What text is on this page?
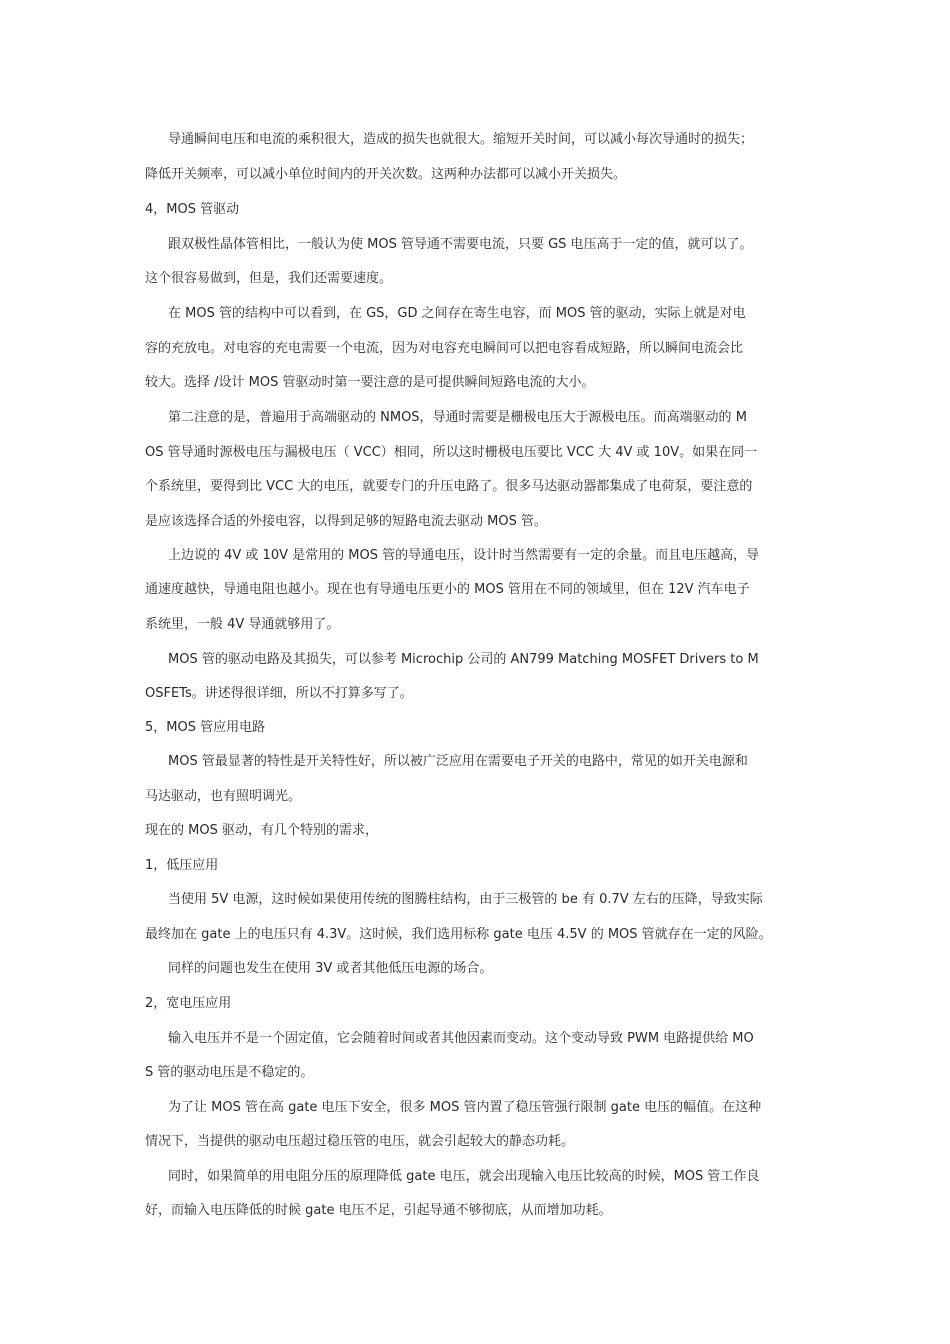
导通瞬间电压和电流的乘积很大，造成的损失也就很大。缩短开关时间，可以减小每次导通时的损失；
降低开关频率，可以减小单位时间内的开关次数。这两种办法都可以减小开关损失。
4，MOS 管驱动
跟双极性晶体管相比，一般认为使 MOS 管导通不需要电流，只要 GS 电压高于一定的值，就可以了。
这个很容易做到，但是，我们还需要速度。
在 MOS 管的结构中可以看到，在 GS，GD 之间存在寄生电容，而 MOS 管的驱动，实际上就是对电
容的充放电。对电容的充电需要一个电流，因为对电容充电瞬间可以把电容看成短路，所以瞬间电流会比
较大。选择 /设计 MOS 管驱动时第一要注意的是可提供瞬间短路电流的大小。
第二注意的是，普遍用于高端驱动的 NMOS，导通时需要是栅极电压大于源极电压。而高端驱动的 M
OS 管导通时源极电压与漏极电压（ VCC）相同，所以这时栅极电压要比 VCC 大 4V 或 10V。如果在同一
个系统里，要得到比 VCC 大的电压，就要专门的升压电路了。很多马达驱动器都集成了电荷泵，要注意的
是应该选择合适的外接电容，以得到足够的短路电流去驱动 MOS 管。
上边说的 4V 或 10V 是常用的 MOS 管的导通电压，设计时当然需要有一定的余量。而且电压越高，导
通速度越快，导通电阻也越小。现在也有导通电压更小的 MOS 管用在不同的领域里，但在 12V 汽车电子
系统里，一般 4V 导通就够用了。
MOS 管的驱动电路及其损失，可以参考 Microchip 公司的 AN799 Matching MOSFET Drivers to M
OSFETs。讲述得很详细，所以不打算多写了。
5，MOS 管应用电路
MOS 管最显著的特性是开关特性好，所以被广泛应用在需要电子开关的电路中，常见的如开关电源和
马达驱动，也有照明调光。
现在的 MOS 驱动，有几个特别的需求，
1，低压应用
当使用 5V 电源，这时候如果使用传统的图腾柱结构，由于三极管的 be 有 0.7V 左右的压降，导致实际
最终加在 gate 上的电压只有 4.3V。这时候，我们选用标称 gate 电压 4.5V 的 MOS 管就存在一定的风险。
同样的问题也发生在使用 3V 或者其他低压电源的场合。
2，宽电压应用
输入电压并不是一个固定值，它会随着时间或者其他因素而变动。这个变动导致 PWM 电路提供给 MO
S 管的驱动电压是不稳定的。
为了让 MOS 管在高 gate 电压下安全，很多 MOS 管内置了稳压管强行限制 gate 电压的幅值。在这种
情况下，当提供的驱动电压超过稳压管的电压，就会引起较大的静态功耗。
同时，如果简单的用电阻分压的原理降低 gate 电压，就会出现输入电压比较高的时候，MOS 管工作良
好，而输入电压降低的时候 gate 电压不足，引起导通不够彻底，从而增加功耗。
